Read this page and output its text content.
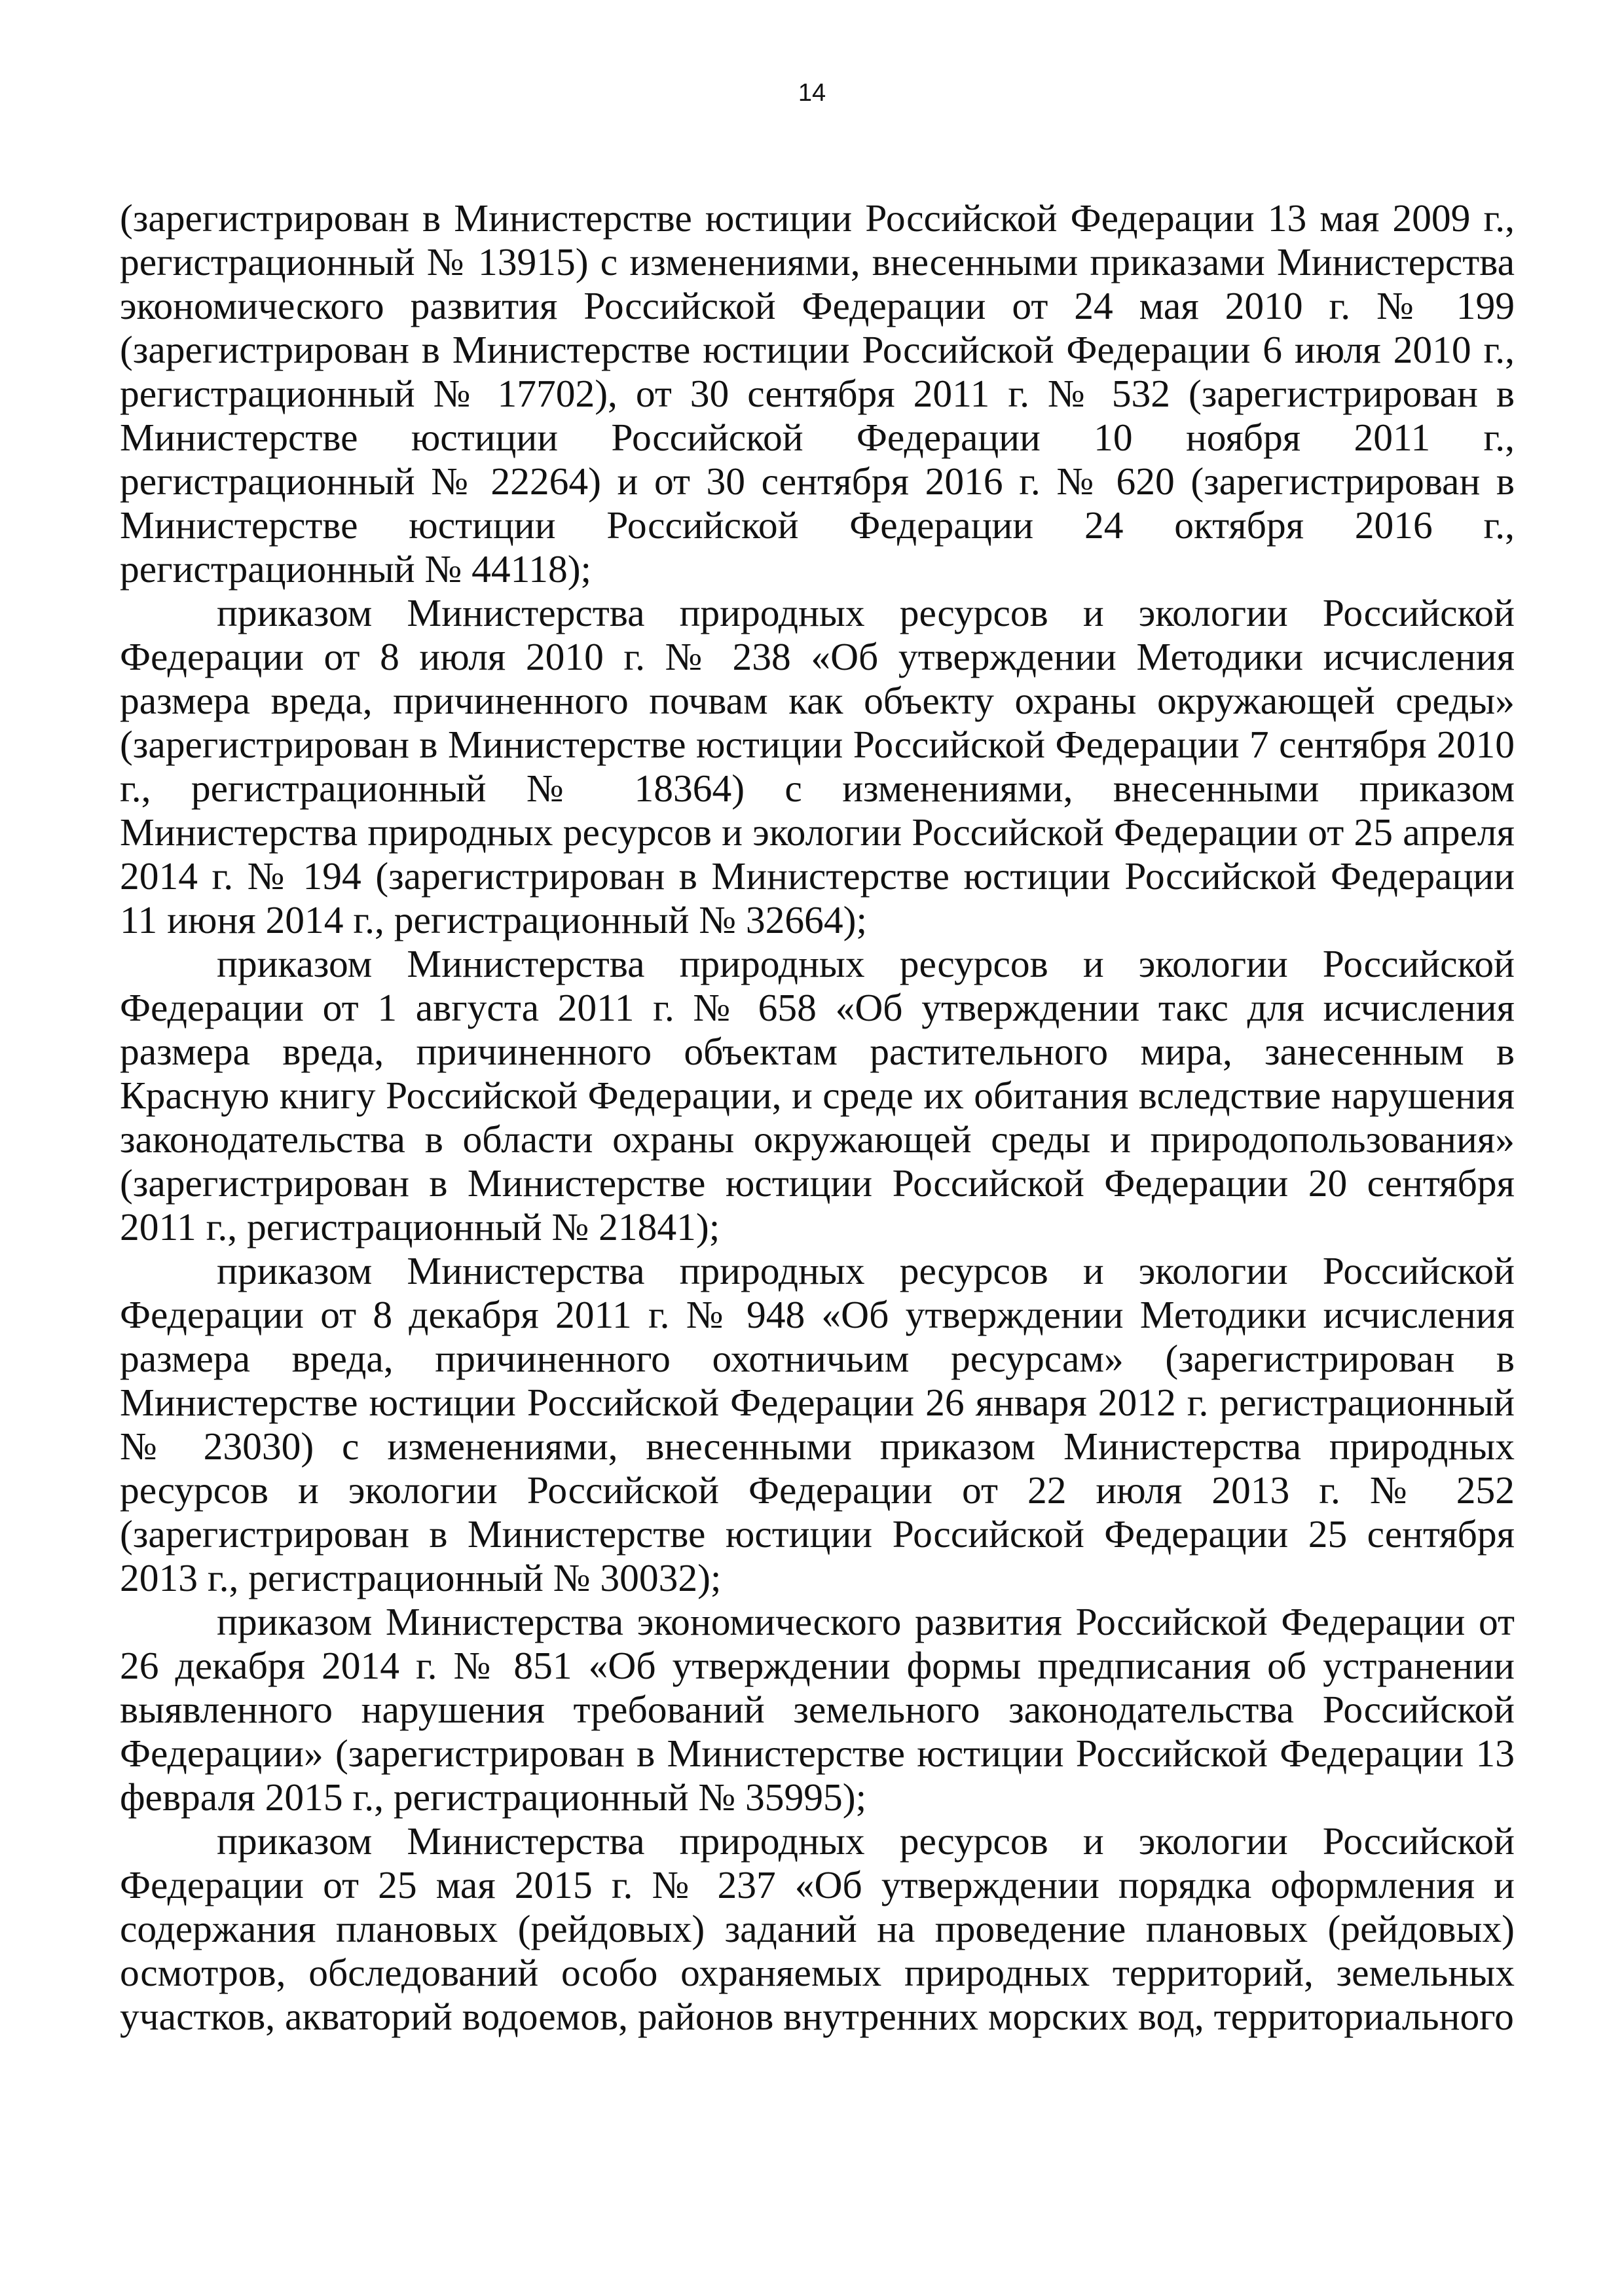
14

(зарегистрирован в Министерстве юстиции Российской Федерации 13 мая 2009 г., регистрационный № 13915) с изменениями, внесенными приказами Министерства экономического развития Российской Федерации от 24 мая 2010 г. № 199 (зарегистрирован в Министерстве юстиции Российской Федерации 6 июля 2010 г., регистрационный № 17702), от 30 сентября 2011 г. № 532 (зарегистрирован в Министерстве юстиции Российской Федерации 10 ноября 2011 г., регистрационный № 22264) и от 30 сентября 2016 г. № 620 (зарегистрирован в Министерстве юстиции Российской Федерации 24 октября 2016 г., регистрационный № 44118);

приказом Министерства природных ресурсов и экологии Российской Федерации от 8 июля 2010 г. № 238 «Об утверждении Методики исчисления размера вреда, причиненного почвам как объекту охраны окружающей среды» (зарегистрирован в Министерстве юстиции Российской Федерации 7 сентября 2010 г., регистрационный № 18364) с изменениями, внесенными приказом Министерства природных ресурсов и экологии Российской Федерации от 25 апреля 2014 г. № 194 (зарегистрирован в Министерстве юстиции Российской Федерации 11 июня 2014 г., регистрационный № 32664);

приказом Министерства природных ресурсов и экологии Российской Федерации от 1 августа 2011 г. № 658 «Об утверждении такс для исчисления размера вреда, причиненного объектам растительного мира, занесенным в Красную книгу Российской Федерации, и среде их обитания вследствие нарушения законодательства в области охраны окружающей среды и природопользования» (зарегистрирован в Министерстве юстиции Российской Федерации 20 сентября 2011 г., регистрационный № 21841);

приказом Министерства природных ресурсов и экологии Российской Федерации от 8 декабря 2011 г. № 948 «Об утверждении Методики исчисления размера вреда, причиненного охотничьим ресурсам» (зарегистрирован в Министерстве юстиции Российской Федерации 26 января 2012 г. регистрационный № 23030) с изменениями, внесенными приказом Министерства природных ресурсов и экологии Российской Федерации от 22 июля 2013 г. № 252 (зарегистрирован в Министерстве юстиции Российской Федерации 25 сентября 2013 г., регистрационный № 30032);

приказом Министерства экономического развития Российской Федерации от 26 декабря 2014 г. № 851 «Об утверждении формы предписания об устранении выявленного нарушения требований земельного законодательства Российской Федерации» (зарегистрирован в Министерстве юстиции Российской Федерации 13 февраля 2015 г., регистрационный № 35995);

приказом Министерства природных ресурсов и экологии Российской Федерации от 25 мая 2015 г. № 237 «Об утверждении порядка оформления и содержания плановых (рейдовых) заданий на проведение плановых (рейдовых) осмотров, обследований особо охраняемых природных территорий, земельных участков, акваторий водоемов, районов внутренних морских вод, территориального
